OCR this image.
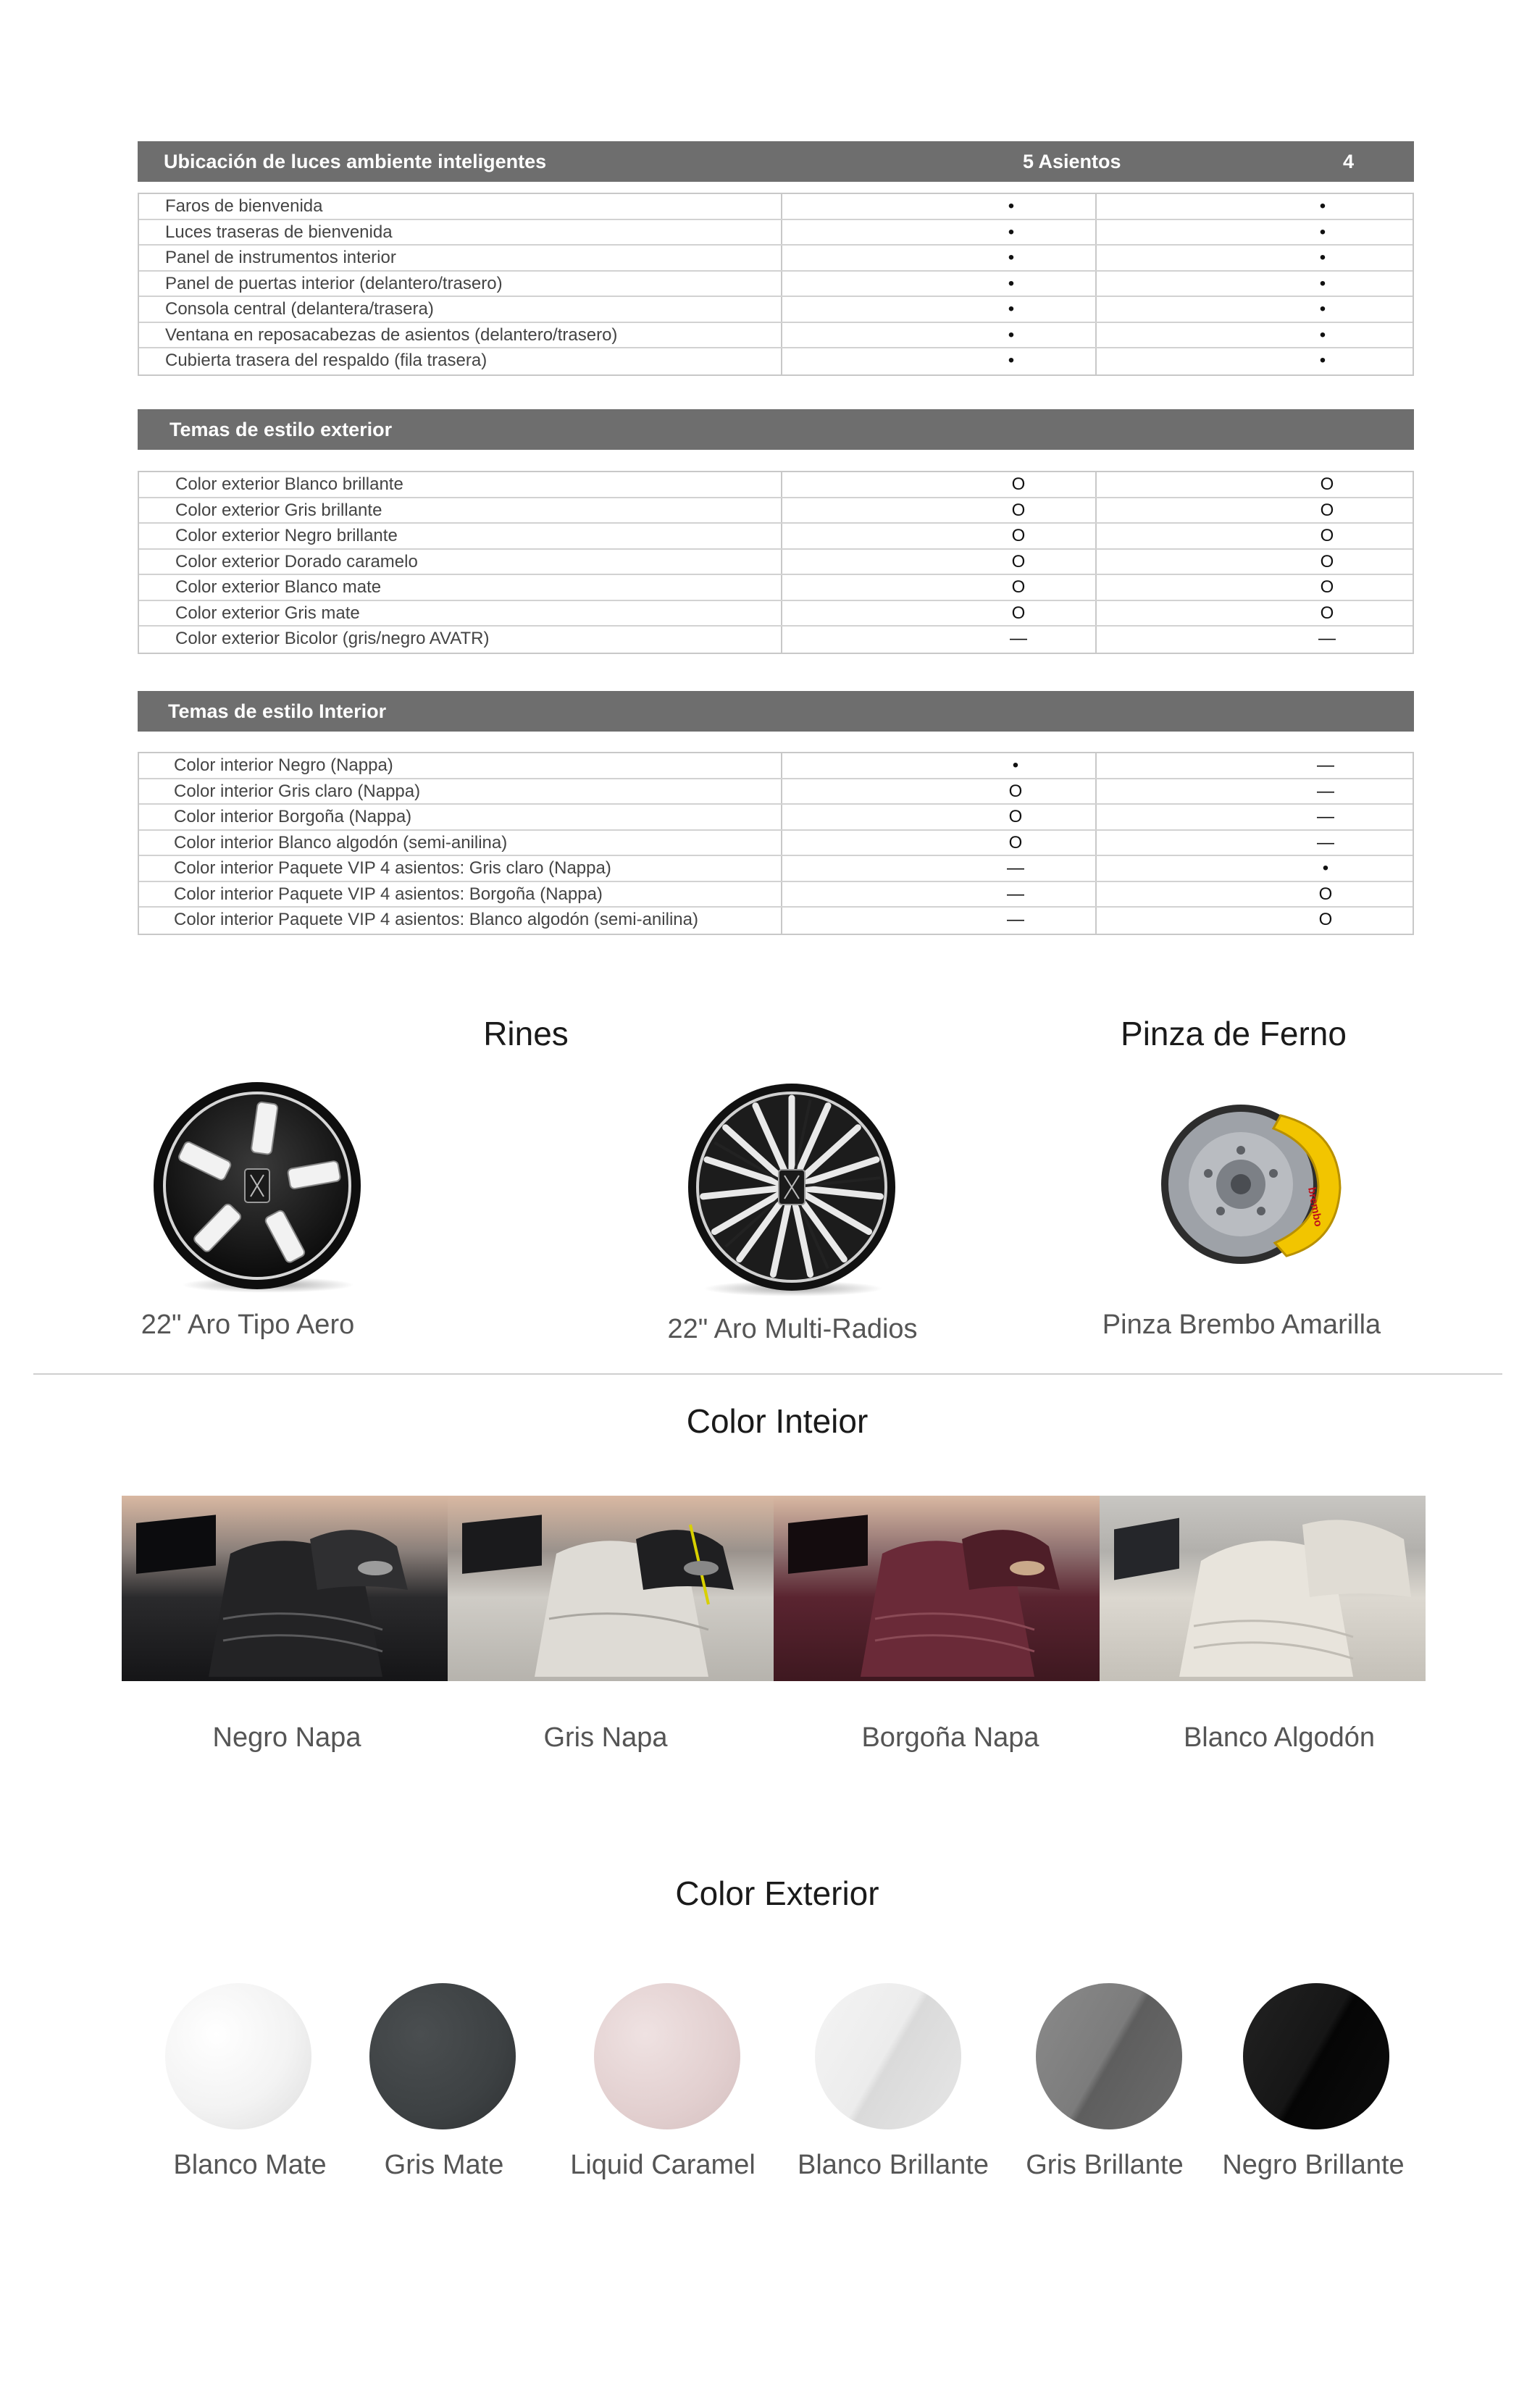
Ubicación de luces ambiente inteligentes	5 Asientos	4 Asientos
Faros de bienvenida	•	•
Luces traseras de bienvenida	•	•
Panel de instrumentos interior	•	•
Panel de puertas interior (delantero/trasero)	•	•
Consola central (delantera/trasera)	•	•
Ventana en reposacabezas de asientos (delantero/trasero)	•	•
Cubierta trasera del respaldo (fila trasera)	•	•
Temas de estilo exterior
Color exterior Blanco brillante	O	O
Color exterior Gris brillante	O	O
Color exterior Negro brillante	O	O
Color exterior Dorado caramelo	O	O
Color exterior Blanco mate	O	O
Color exterior Gris mate	O	O
Color exterior Bicolor (gris/negro AVATR)	—	—
Temas de estilo Interior
Color interior Negro (Nappa)	•	—
Color interior Gris claro (Nappa)	O	—
Color interior Borgoña (Nappa)	O	—
Color interior Blanco algodón (semi-anilina)	O	—
Color interior Paquete VIP 4 asientos: Gris claro (Nappa)	—	•
Color interior Paquete VIP 4 asientos: Borgoña (Nappa)	—	O
Color interior Paquete VIP 4 asientos: Blanco algodón (semi-anilina)	—	O
Rines	Pinza de Ferno
22" Aro Tipo Aero	22" Aro Multi-Radios
brembo
Pinza Brembo Amarilla
Color Inteior
Negro Napa	Gris Napa	Borgoña Napa	Blanco Algodón
Color Exterior
Blanco Mate Gris Mate Liquid Caramel Blanco Brillante Gris Brillante Negro Brillante
